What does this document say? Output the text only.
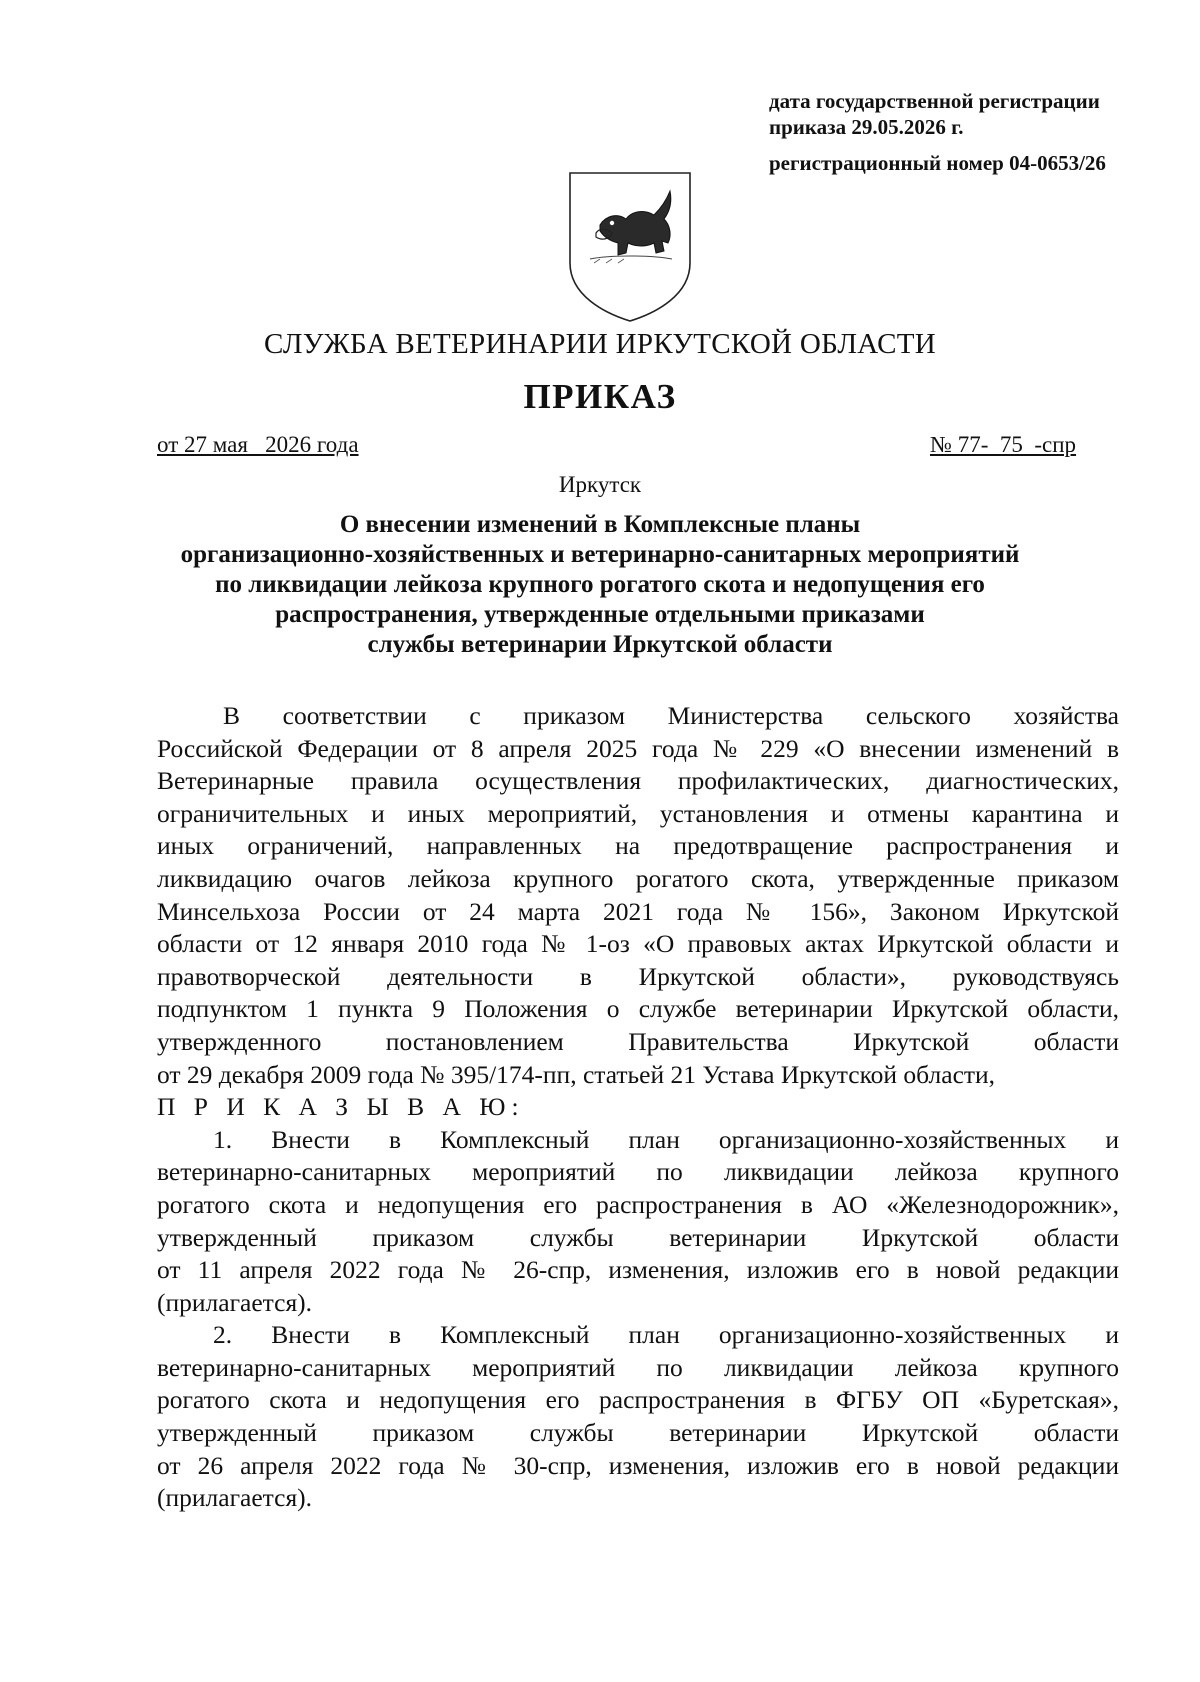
дата государственной регистрации
приказа 29.05.2026 г.
регистрационный номер 04-0653/26
СЛУЖБА ВЕТЕРИНАРИИ ИРКУТСКОЙ ОБЛАСТИ
ПРИКАЗ
от 27 мая   2026 года	№ 77-  75  -спр
Иркутск
О внесении изменений в Комплексные планы
организационно-хозяйственных и ветеринарно-санитарных мероприятий
по ликвидации лейкоза крупного рогатого скота и недопущения его
распространения, утвержденные отдельными приказами
службы ветеринарии Иркутской области
В соответствии с приказом Министерства сельского хозяйства
Российской Федерации от 8 апреля 2025 года № 229 «О внесении изменений в
Ветеринарные правила осуществления профилактических, диагностических,
ограничительных и иных мероприятий, установления и отмены карантина и
иных ограничений, направленных на предотвращение распространения и
ликвидацию очагов лейкоза крупного рогатого скота, утвержденные приказом
Минсельхоза России от 24 марта 2021 года № 156», Законом Иркутской
области от 12 января 2010 года № 1-оз «О правовых актах Иркутской области и
правотворческой деятельности в Иркутской области», руководствуясь
подпунктом 1 пункта 9 Положения о службе ветеринарии Иркутской области,
утвержденного постановлением Правительства Иркутской области
от 29 декабря 2009 года № 395/174-пп, статьей 21 Устава Иркутской области,
П Р И К А З Ы В А Ю:
1. Внести в Комплексный план организационно-хозяйственных и
ветеринарно-санитарных мероприятий по ликвидации лейкоза крупного
рогатого скота и недопущения его распространения в АО «Железнодорожник»,
утвержденный приказом службы ветеринарии Иркутской области
от 11 апреля 2022 года № 26-спр, изменения, изложив его в новой редакции
(прилагается).
2. Внести в Комплексный план организационно-хозяйственных и
ветеринарно-санитарных мероприятий по ликвидации лейкоза крупного
рогатого скота и недопущения его распространения в ФГБУ ОП «Буретская»,
утвержденный приказом службы ветеринарии Иркутской области
от 26 апреля 2022 года № 30-спр, изменения, изложив его в новой редакции
(прилагается).
